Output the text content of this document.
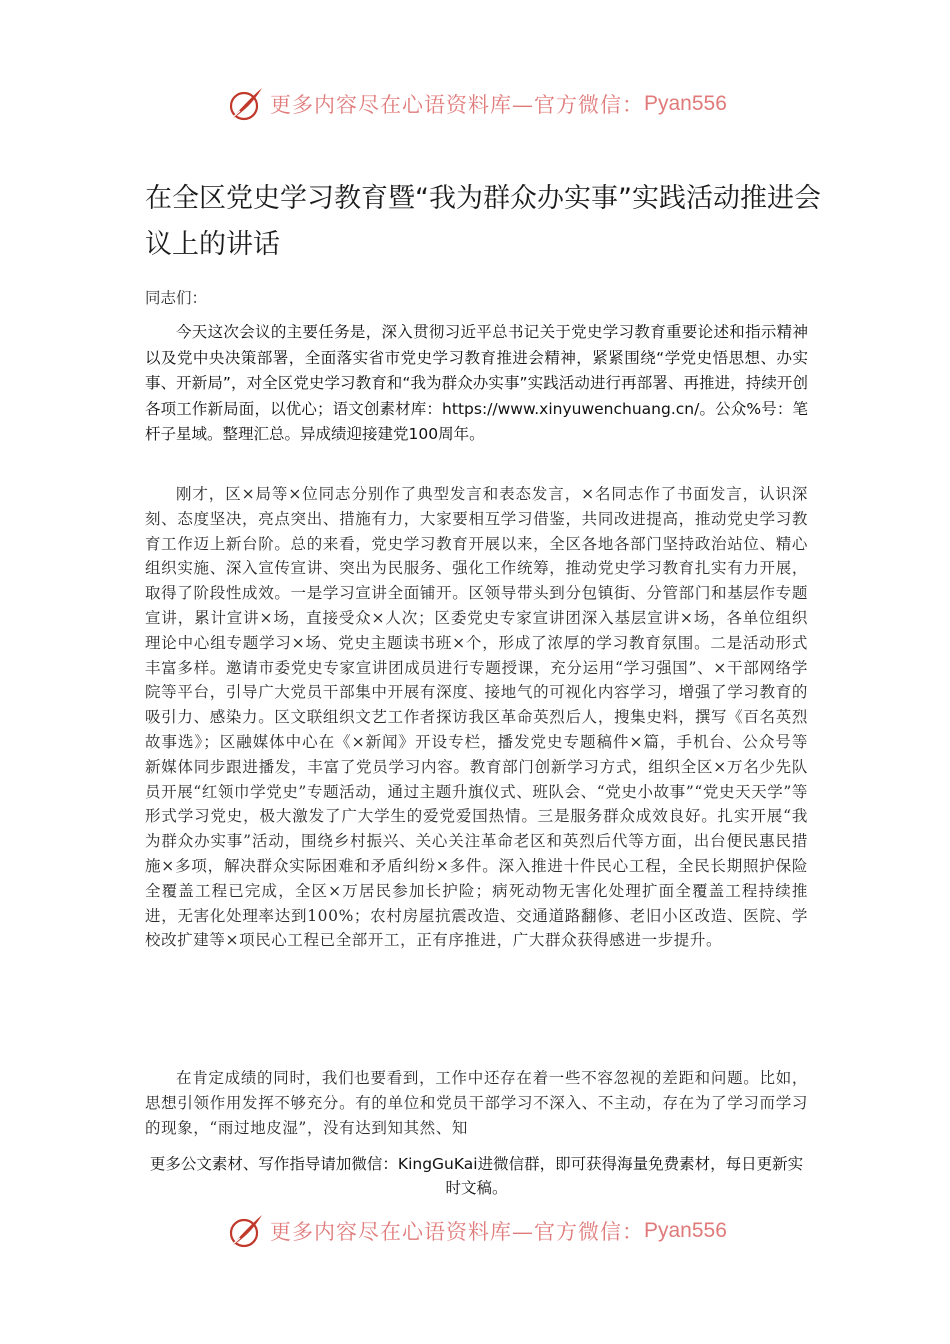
更多内容尽在心语资料库—官方微信： Pyan556
在全区党史学习教育暨“我为群众办实事”实践活动推进会议上的讲话

同志们：

今天这次会议的主要任务是，深入贯彻习近平总书记关于党史学习教育重要论述和指示精神以及党中央决策部署，全面落实省市党史学习教育推进会精神，紧紧围绕“学党史悟思想、办实事、开新局”，对全区党史学习教育和“我为群众办实事”实践活动进行再部署、再推进，持续开创各项工作新局面，以优心；语文创素材库：https://www.xinyuwenchuang.cn/。公众%号：笔杆子星域。整理汇总。异成绩迎接建党100周年。

刚才，区×局等×位同志分别作了典型发言和表态发言，×名同志作了书面发言，认识深刻、态度坚决，亮点突出、措施有力，大家要相互学习借鉴，共同改进提高，推动党史学习教育工作迈上新台阶。总的来看，党史学习教育开展以来，全区各地各部门坚持政治站位、精心组织实施、深入宣传宣讲、突出为民服务、强化工作统筹，推动党史学习教育扎实有力开展，取得了阶段性成效。一是学习宣讲全面铺开。区领导带头到分包镇街、分管部门和基层作专题宣讲，累计宣讲×场，直接受众×人次；区委党史专家宣讲团深入基层宣讲×场，各单位组织理论中心组专题学习×场、党史主题读书班×个，形成了浓厚的学习教育氛围。二是活动形式丰富多样。邀请市委党史专家宣讲团成员进行专题授课，充分运用“学习强国”、×干部网络学院等平台，引导广大党员干部集中开展有深度、接地气的可视化内容学习，增强了学习教育的吸引力、感染力。区文联组织文艺工作者探访我区革命英烈后人，搜集史料，撰写《百名英烈故事选》；区融媒体中心在《×新闻》开设专栏，播发党史专题稿件×篇，手机台、公众号等新媒体同步跟进播发，丰富了党员学习内容。教育部门创新学习方式，组织全区×万名少先队员开展“红领巾学党史”专题活动，通过主题升旗仪式、班队会、“党史小故事”“党史天天学”等形式学习党史，极大激发了广大学生的爱党爱国热情。三是服务群众成效良好。扎实开展“我为群众办实事”活动，围绕乡村振兴、关心关注革命老区和英烈后代等方面，出台便民惠民措施×多项，解决群众实际困难和矛盾纠纷×多件。深入推进十件民心工程，全民长期照护保险全覆盖工程已完成，全区×万居民参加长护险；病死动物无害化处理扩面全覆盖工程持续推进，无害化处理率达到100%；农村房屋抗震改造、交通道路翻修、老旧小区改造、医院、学校改扩建等×项民心工程已全部开工，正有序推进，广大群众获得感进一步提升。

在肯定成绩的同时，我们也要看到，工作中还存在着一些不容忽视的差距和问题。比如，思想引领作用发挥不够充分。有的单位和党员干部学习不深入、不主动，存在为了学习而学习的现象，“雨过地皮湿”，没有达到知其然、知

更多公文素材、写作指导请加微信：KingGuKai进微信群，即可获得海量免费素材，每日更新实时文稿。

更多内容尽在心语资料库—官方微信： Pyan556
